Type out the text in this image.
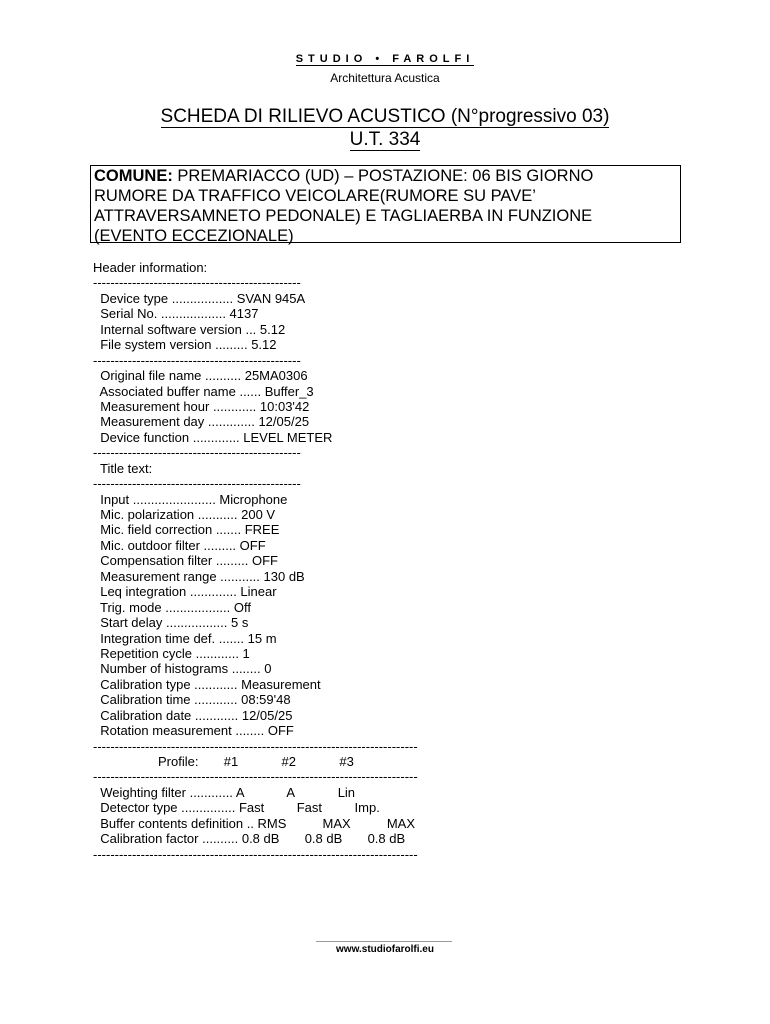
STUDIO • FAROLFI
Architettura Acustica
SCHEDA DI RILIEVO ACUSTICO (N°progressivo 03)
U.T. 334
COMUNE: PREMARIACCO (UD) – POSTAZIONE: 06 BIS GIORNO
RUMORE DA TRAFFICO VEICOLARE(RUMORE SU PAVE’
ATTRAVERSAMNETO PEDONALE) E TAGLIAERBA IN FUNZIONE
(EVENTO ECCEZIONALE)
Header information:
------------------------------------------------
Device type ................. SVAN 945A
Serial No. .................. 4137
Internal software version ... 5.12
File system version ......... 5.12
------------------------------------------------
Original file name .......... 25MA0306
Associated buffer name ...... Buffer_3
Measurement hour ............ 10:03'42
Measurement day ............. 12/05/25
Device function ............. LEVEL METER
------------------------------------------------
Title text:
------------------------------------------------
Input ....................... Microphone
Mic. polarization ........... 200 V
Mic. field correction ....... FREE
Mic. outdoor filter ......... OFF
Compensation filter ......... OFF
Measurement range ........... 130 dB
Leq integration ............. Linear
Trig. mode .................. Off
Start delay ................. 5 s
Integration time def. ....... 15 m
Repetition cycle ............ 1
Number of histograms ........ 0
Calibration type ............ Measurement
Calibration time ............ 08:59'48
Calibration date ............ 12/05/25
Rotation measurement ........ OFF
---------------------------------------------------------------------------
Profile:       #1            #2            #3
---------------------------------------------------------------------------
Weighting filter ............ A            A            Lin
Detector type ............... Fast         Fast         Imp.
Buffer contents definition .. RMS          MAX          MAX
Calibration factor .......... 0.8 dB       0.8 dB       0.8 dB
---------------------------------------------------------------------------
www.studiofarolfi.eu
